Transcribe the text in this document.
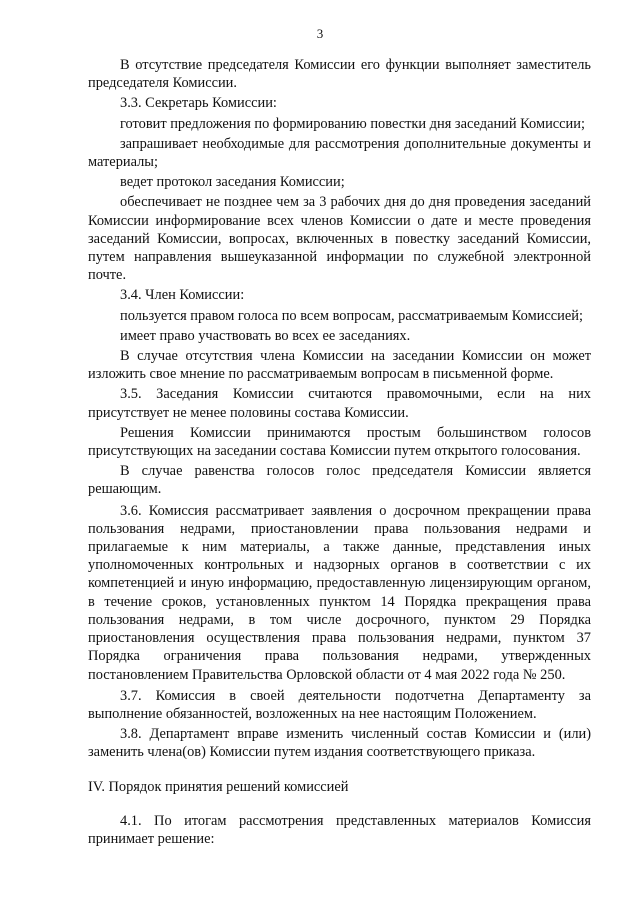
3

В отсутствие председателя Комиссии его функции выполняет заместитель председателя Комиссии.

3.3. Секретарь Комиссии:

готовит предложения по формированию повестки дня заседаний Комиссии;

запрашивает необходимые для рассмотрения дополнительные документы и материалы;

ведет протокол заседания Комиссии;

обеспечивает не позднее чем за 3 рабочих дня до дня проведения заседаний Комиссии информирование всех членов Комиссии о дате и месте проведения заседаний Комиссии, вопросах, включенных в повестку заседаний Комиссии, путем направления вышеуказанной информации по служебной электронной почте.

3.4. Член Комиссии:

пользуется правом голоса по всем вопросам, рассматриваемым Комиссией;

имеет право участвовать во всех ее заседаниях.

В случае отсутствия члена Комиссии на заседании Комиссии он может изложить свое мнение по рассматриваемым вопросам в письменной форме.

3.5. Заседания Комиссии считаются правомочными, если на них присутствует не менее половины состава Комиссии.

Решения Комиссии принимаются простым большинством голосов присутствующих на заседании состава Комиссии путем открытого голосования.

В случае равенства голосов голос председателя Комиссии является решающим.

3.6. Комиссия рассматривает заявления о досрочном прекращении права пользования недрами, приостановлении права пользования недрами и прилагаемые к ним материалы, а также данные, представления иных уполномоченных контрольных и надзорных органов в соответствии с их компетенцией и иную информацию, предоставленную лицензирующим органом, в течение сроков, установленных пунктом 14 Порядка прекращения права пользования недрами, в том числе досрочного, пунктом 29 Порядка приостановления осуществления права пользования недрами, пунктом 37 Порядка ограничения права пользования недрами, утвержденных постановлением Правительства Орловской области от 4 мая 2022 года № 250.

3.7. Комиссия в своей деятельности подотчетна Департаменту за выполнение обязанностей, возложенных на нее настоящим Положением.

3.8. Департамент вправе изменить численный состав Комиссии и (или) заменить члена(ов) Комиссии путем издания соответствующего приказа.

IV. Порядок принятия решений комиссией

4.1. По итогам рассмотрения представленных материалов Комиссия принимает решение:
